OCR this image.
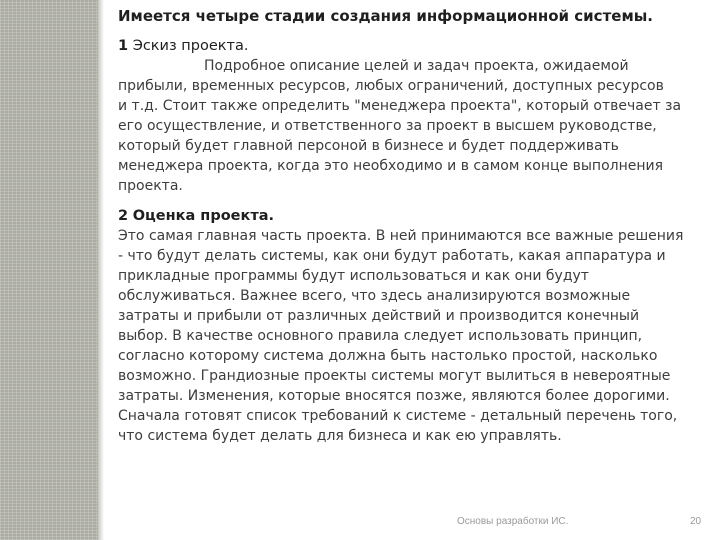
Имеется четыре стадии создания информационной системы.
1 Эскиз проекта.
Подробное описание целей и задач проекта, ожидаемой
прибыли, временных ресурсов, любых ограничений, доступных ресурсов
и т.д. Стоит также определить "менеджера проекта", который отвечает за
его осуществление, и ответственного за проект в высшем руководстве,
который будет главной персоной в бизнесе и будет поддерживать
менеджера проекта, когда это необходимо и в самом конце выполнения
проекта.
2 Оценка проекта.
Это самая главная часть проекта. В ней принимаются все важные решения
- что будут делать системы, как они будут работать, какая аппаратура и
прикладные программы будут использоваться и как они будут
обслуживаться. Важнее всего, что здесь анализируются возможные
затраты и прибыли от различных действий и производится конечный
выбор. В качестве основного правила следует использовать принцип,
согласно которому система должна быть настолько простой, насколько
возможно. Грандиозные проекты системы могут вылиться в невероятные
затраты. Изменения, которые вносятся позже, являются более дорогими.
Сначала готовят список требований к системе - детальный перечень того,
что система будет делать для бизнеса и как ею управлять.
Основы разработки ИС.	20
